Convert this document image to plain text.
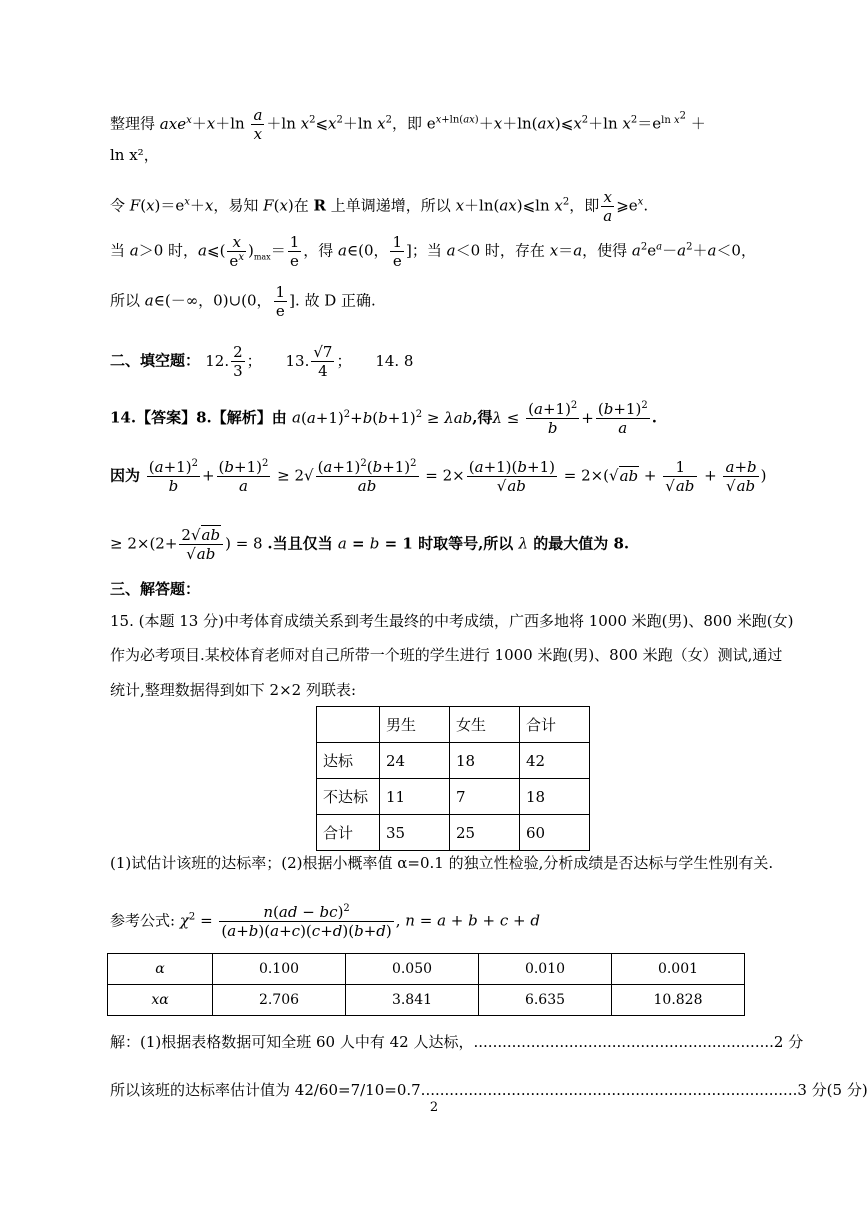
整理得 $axe^x+x+\ln \frac{a}{x} +\ln$ $x^2⩽x^2+\ln$ $x^2$，即 $e^{x+ln(ax)}+x+\ln(ax)⩽x^2+\ln$ $x^2=e^{ln x^2}$ ＋
ln x²，
令 $F(x)=e^x+x$，易知 F(x)在 R 上单调递增，所以 x＋ln(ax)⩽ln $x^2$，即 $\frac{x}{a}$ $⩾e^x$.
当 a＞0 时，a⩽( $\frac{x}{e^x} )_{max}= \frac{1}{e}$ ，得 a∈(0， $\frac{1}{e}$ ]；当 a＜0 时，存在 x＝a，使得 $a^2e^a-a^2+a<0$，
所以 a∈(－∞，0)∪(0， $\frac{1}{e}$ ]. 故 D 正确.
二、填空题： 12. $\frac{2}{3}$ ；     13. $\frac{√7}{4}$ ；     14. 8
14.【答案】8.【解析】由 $a(a+1)^2+b(b+1)^2 \ge \lambda ab$,得$\lambda \le \frac{(a+1)^2}{b} + \frac{(b+1)^2}{a}$ .
因为 $\frac{(a+1)^2}{b} + \frac{(b+1)^2}{a} \ge 2√ \frac{(a+1)^2(b+1)^2}{ab} = 2\times \frac{(a+1)(b+1)}{√ab} = 2\times(√ab + \frac{1}{√ab} + \frac{a+b}{√ab}$ )
≥ $2\times(2+ \frac{2√ab}{√ab}$ ) = 8 .当且仅当 a = b = 1 时取等号,所以 λ 的最大值为 8.
三、解答题：
15. (本题 13 分)中考体育成绩关系到考生最终的中考成绩，广西多地将 1000 米跑(男)、800 米跑(女)
作为必考项目.某校体育老师对自己所带一个班的学生进行 1000 米跑(男)、800 米跑（女）测试,通过
统计,整理数据得到如下 2×2 列联表:
	男生	女生	合计
达标	24	18	42
不达标	11	7	18
合计	35	25	60
(1)试估计该班的达标率；(2)根据小概率值 α=0.1 的独立性检验,分析成绩是否达标与学生性别有关.
参考公式: $\chi^2 = \frac{n(ad - bc)^2}{(a+b)(a+c)(c+d)(b+d)}$ , n = a + b + c + d
α	0.100	0.050	0.010	0.001
xα	2.706	3.841	6.635	10.828
解：(1)根据表格数据可知全班 60 人中有 42 人达标，...............................................................2 分
所以该班的达标率估计值为 42/60=7/10=0.7...............................................................................3 分(5 分)
2
